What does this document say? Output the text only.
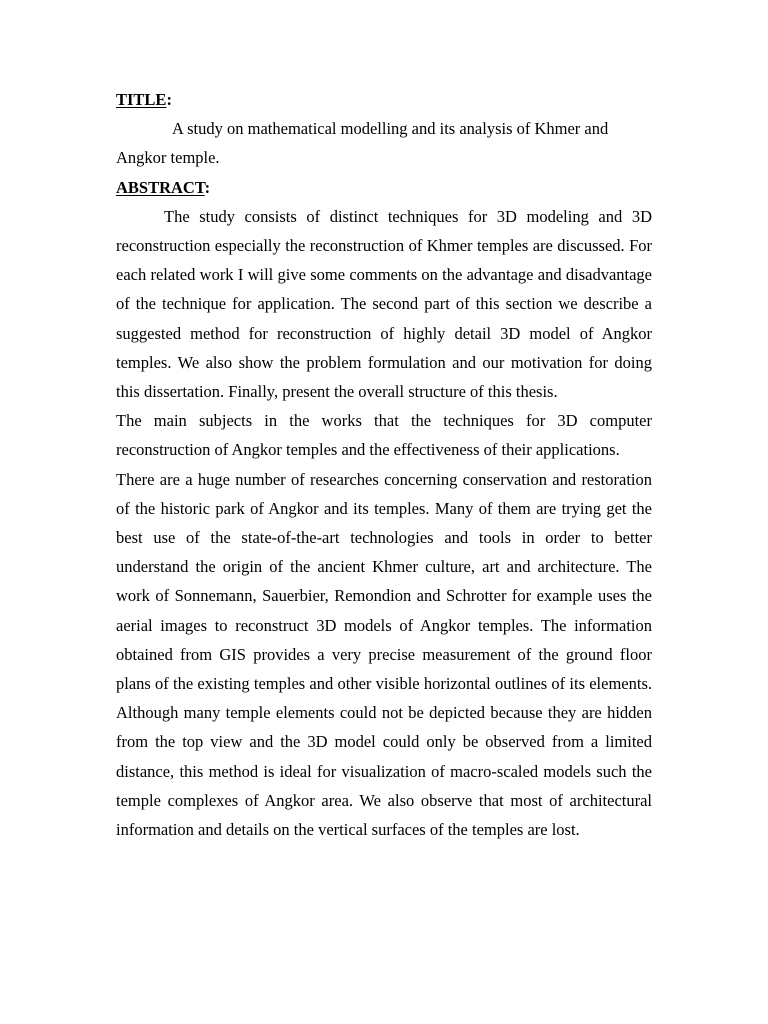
TITLE:

A study on mathematical modelling and its analysis of Khmer and Angkor temple.

ABSTRACT:

The study consists of distinct techniques for 3D modeling and 3D reconstruction especially the reconstruction of Khmer temples are discussed. For each related work I will give some comments on the advantage and disadvantage of the technique for application. The second part of this section we describe a suggested method for reconstruction of highly detail 3D model of Angkor temples. We also show the problem formulation and our motivation for doing this dissertation. Finally, present the overall structure of this thesis.

The main subjects in the works that the techniques for 3D computer reconstruction of Angkor temples and the effectiveness of their applications.

There are a huge number of researches concerning conservation and restoration of the historic park of Angkor and its temples. Many of them are trying get the best use of the state-of-the-art technologies and tools in order to better understand the origin of the ancient Khmer culture, art and architecture. The work of Sonnemann, Sauerbier, Remondion and Schrotter for example uses the aerial images to reconstruct 3D models of Angkor temples. The information obtained from GIS provides a very precise measurement of the ground floor plans of the existing temples and other visible horizontal outlines of its elements. Although many temple elements could not be depicted because they are hidden from the top view and the 3D model could only be observed from a limited distance, this method is ideal for visualization of macro-scaled models such the temple complexes of Angkor area. We also observe that most of architectural information and details on the vertical surfaces of the temples are lost.
